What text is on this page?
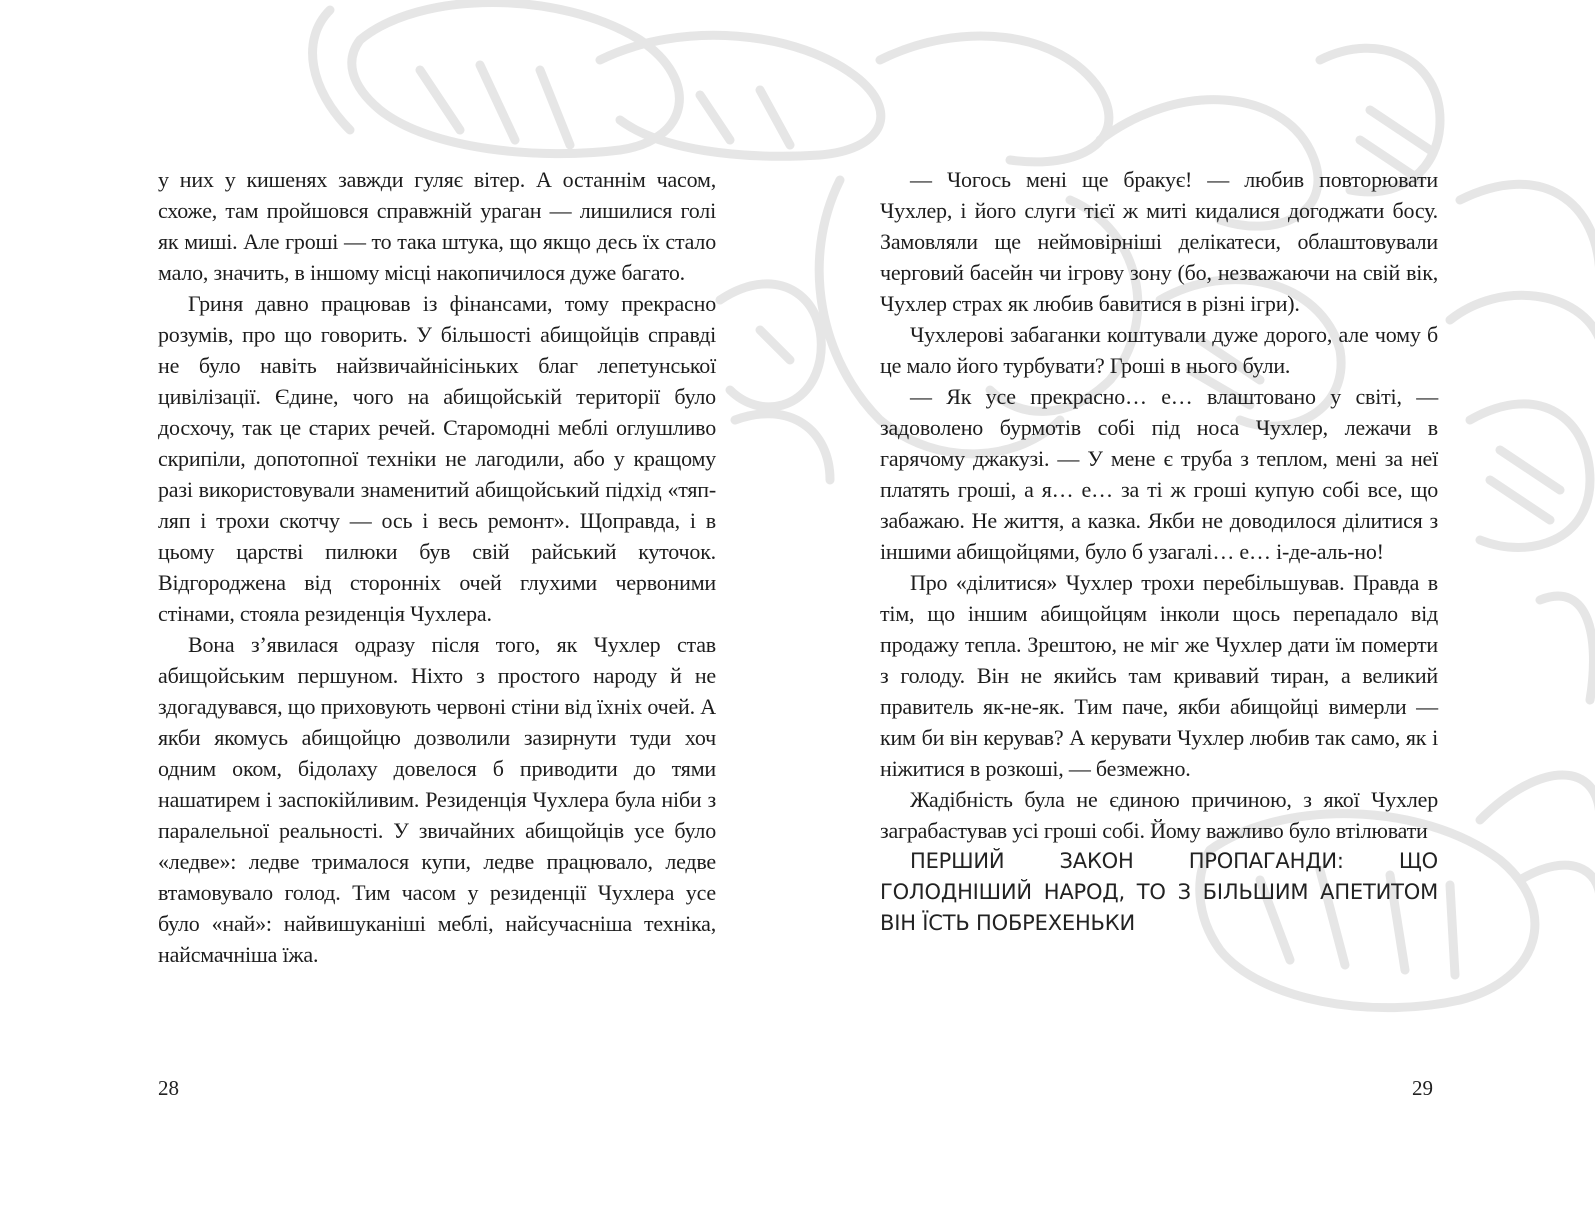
у них у кишенях завжди гуляє вітер. А останнім часом, схоже, там пройшовся справжній ураган — лишилися голі як миші. Але гроші — то така штука, що якщо десь їх стало мало, значить, в іншому місці накопичилося дуже багато.

Гриня давно працював із фінансами, тому прекрасно розумів, про що говорить. У більшості абищойців справді не було навіть найзвичайнісіньких благ лепетунської цивілізації. Єдине, чого на абищойській території було досхочу, так це старих речей. Старомодні меблі оглушливо скрипіли, допотопної техніки не лагодили, або у кращому разі використовували знаменитий абищойський підхід «тяп-ляп і трохи скотчу — ось і весь ремонт». Щоправда, і в цьому царстві пилюки був свій райський куточок. Відгороджена від сторонніх очей глухими червоними стінами, стояла резиденція Чухлера.

Вона з’явилася одразу після того, як Чухлер став абищойським першуном. Ніхто з простого народу й не здогадувався, що приховують червоні стіни від їхніх очей. А якби якомусь абищойцю дозволили зазирнути туди хоч одним оком, бідолаху довелося б приводити до тями нашатирем і заспокійливим. Резиденція Чухлера була ніби з паралельної реальності. У звичайних абищойців усе було «ледве»: ледве трималося купи, ледве працювало, ледве втамовувало голод. Тим часом у резиденції Чухлера усе було «най»: найвишуканіші меблі, найсучасніша техніка, найсмачніша їжа.

— Чогось мені ще бракує! — любив повторювати Чухлер, і його слуги тієї ж миті кидалися догоджати босу. Замовляли ще неймовірніші делікатеси, облаштовували черговий басейн чи ігрову зону (бо, незважаючи на свій вік, Чухлер страх як любив бавитися в різні ігри).

Чухлерові забаганки коштували дуже дорого, але чому б це мало його турбувати? Гроші в нього були.

— Як усе прекрасно… е… влаштовано у світі, — задоволено бурмотів собі під носа Чухлер, лежачи в гарячому джакузі. — У мене є труба з теплом, мені за неї платять гроші, а я… е… за ті ж гроші купую собі все, що забажаю. Не життя, а казка. Якби не доводилося ділитися з іншими абищойцями, було б узагалі… е… і-де-аль-но!

Про «ділитися» Чухлер трохи перебільшував. Правда в тім, що іншим абищойцям інколи щось перепадало від продажу тепла. Зрештою, не міг же Чухлер дати їм померти з голоду. Він не якийсь там кривавий тиран, а великий правитель як-не-як. Тим паче, якби абищойці вимерли — ким би він керував? А керувати Чухлер любив так само, як і ніжитися в розкоші, — безмежно.

Жадібність була не єдиною причиною, з якої Чухлер заграбастував усі гроші собі. Йому важливо було втілювати

ПЕРШИЙ ЗАКОН ПРОПАГАНДИ: ЩО ГОЛОДНІШИЙ НАРОД, ТО З БІЛЬШИМ АПЕТИТОМ ВІН ЇСТЬ ПОБРЕХЕНЬКИ

28	29
